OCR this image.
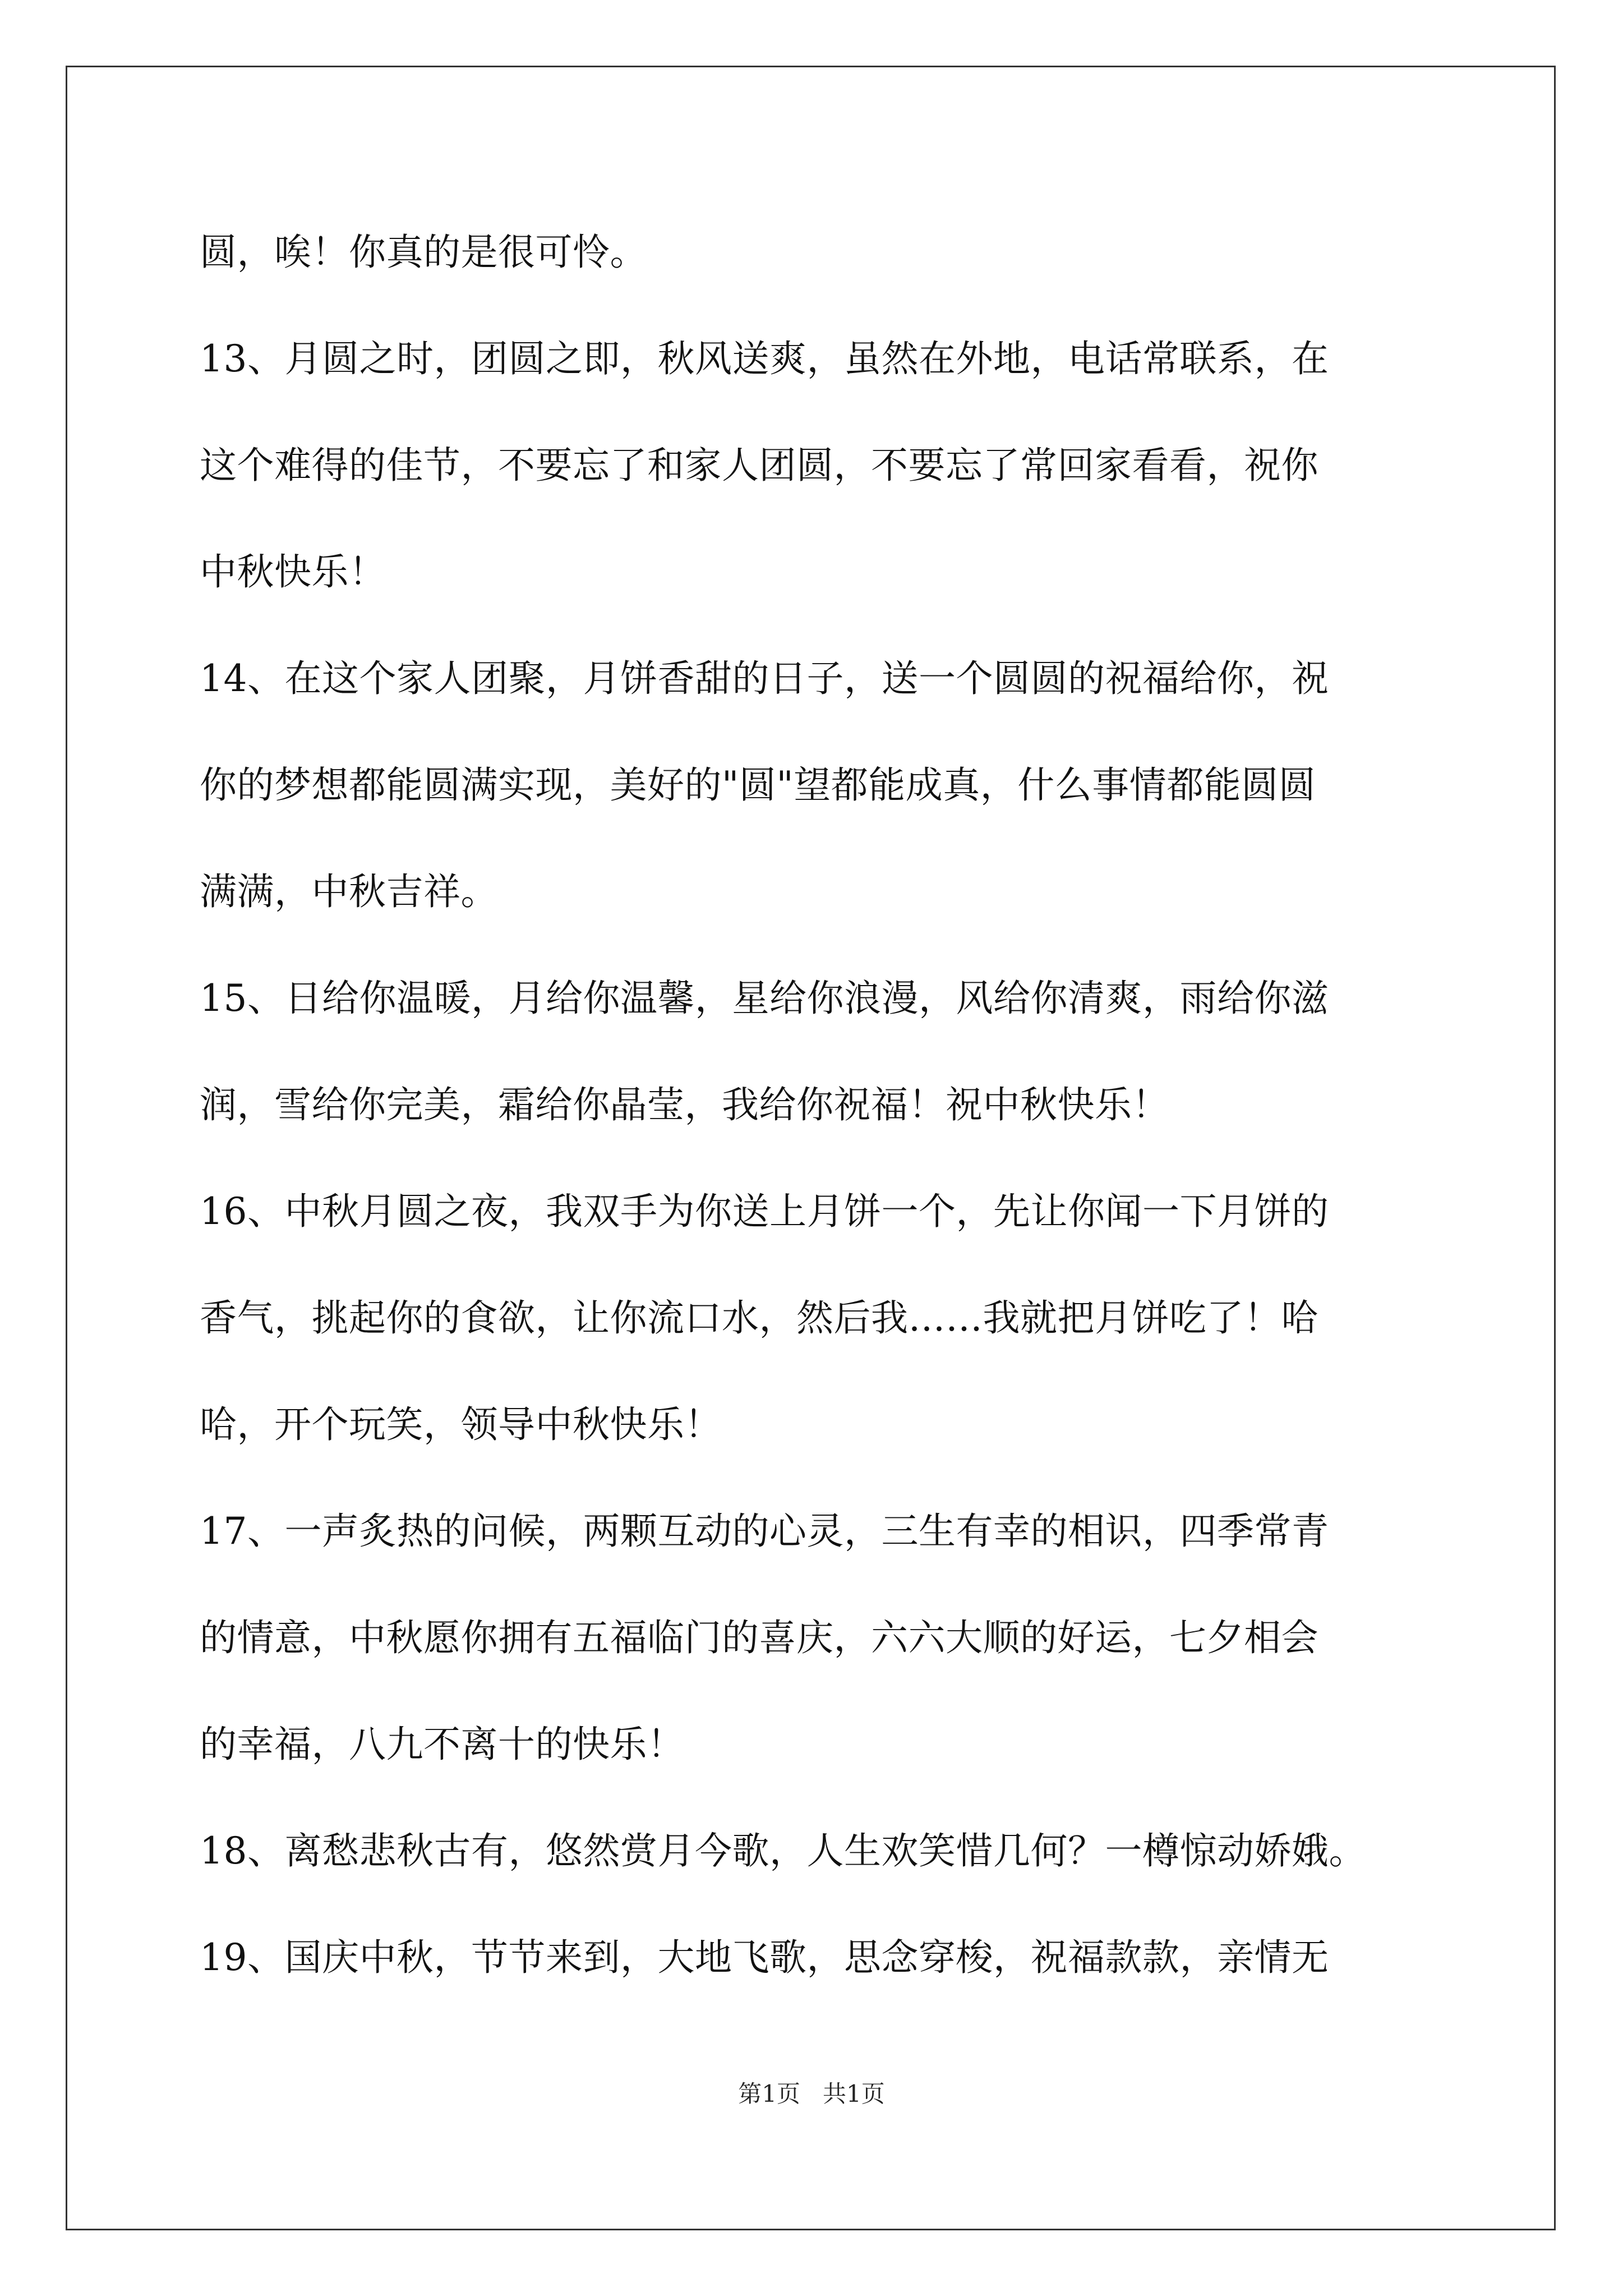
圆，唉！你真的是很可怜。
13、月圆之时，团圆之即，秋风送爽，虽然在外地，电话常联系，在
这个难得的佳节，不要忘了和家人团圆，不要忘了常回家看看，祝你
中秋快乐！
14、在这个家人团聚，月饼香甜的日子，送一个圆圆的祝福给你，祝
你的梦想都能圆满实现，美好的"圆"望都能成真，什么事情都能圆圆
满满，中秋吉祥。
15、日给你温暖，月给你温馨，星给你浪漫，风给你清爽，雨给你滋
润，雪给你完美，霜给你晶莹，我给你祝福！祝中秋快乐！
16、中秋月圆之夜，我双手为你送上月饼一个，先让你闻一下月饼的
香气，挑起你的食欲，让你流口水，然后我……我就把月饼吃了！哈
哈，开个玩笑，领导中秋快乐！
17、一声炙热的问候，两颗互动的心灵，三生有幸的相识，四季常青
的情意，中秋愿你拥有五福临门的喜庆，六六大顺的好运，七夕相会
的幸福，八九不离十的快乐！
18、离愁悲秋古有，悠然赏月今歌，人生欢笑惜几何？一樽惊动娇娥。
19、国庆中秋，节节来到，大地飞歌，思念穿梭，祝福款款，亲情无
第1页 共1页
